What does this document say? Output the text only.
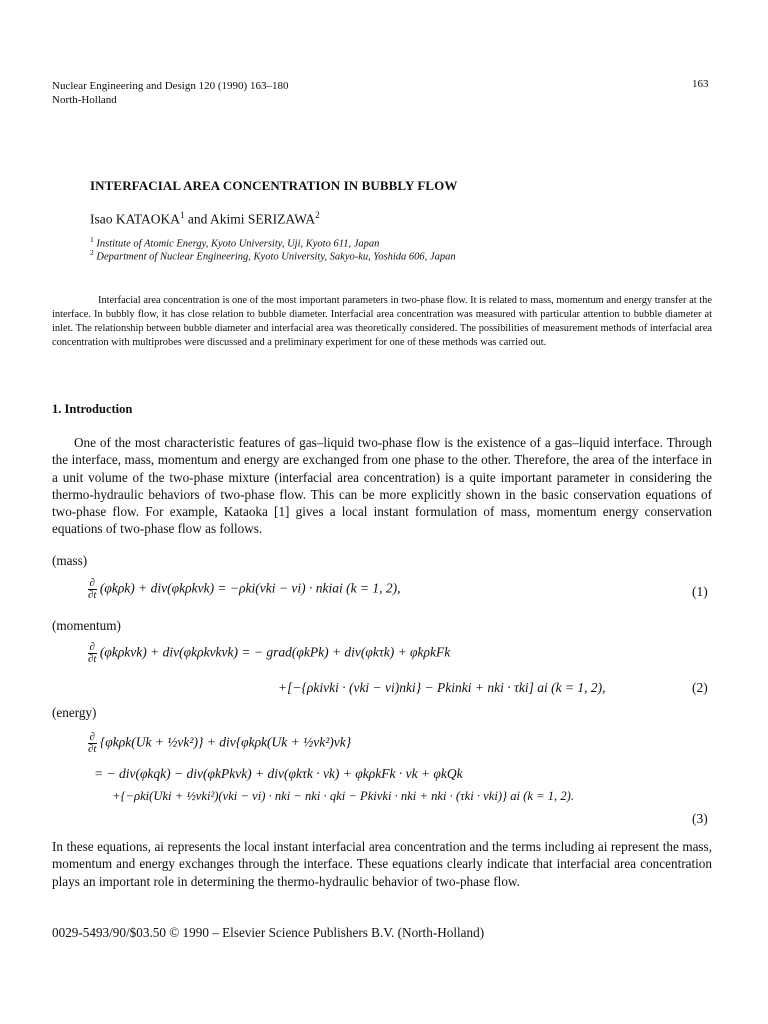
Nuclear Engineering and Design 120 (1990) 163–180
North-Holland
163
INTERFACIAL AREA CONCENTRATION IN BUBBLY FLOW
Isao KATAOKA$^1$ and Akimi SERIZAWA$^2$
$^1$ Institute of Atomic Energy, Kyoto University, Uji, Kyoto 611, Japan
$^2$ Department of Nuclear Engineering, Kyoto University, Sakyo-ku, Yoshida 606, Japan
Interfacial area concentration is one of the most important parameters in two-phase flow. It is related to mass, momentum and energy transfer at the interface. In bubbly flow, it has close relation to bubble diameter. Interfacial area concentration was measured with particular attention to bubble diameter at inlet. The relationship between bubble diameter and interfacial area was theoretically considered. The possibilities of measurement methods of interfacial area concentration with multiprobes were discussed and a preliminary experiment for one of these methods was carried out.
1. Introduction
One of the most characteristic features of gas–liquid two-phase flow is the existence of a gas–liquid interface. Through the interface, mass, momentum and energy are exchanged from one phase to the other. Therefore, the area of the interface in a unit volume of the two-phase mixture (interfacial area concentration) is a quite important parameter in considering the thermo-hydraulic behaviors of two-phase flow. This can be more explicitly shown in the basic conservation equations of two-phase flow. For example, Kataoka [1] gives a local instant formulation of mass, momentum energy conservation equations of two-phase flow as follows.
(mass)
$\frac{\partial}{\partial t} (\varphi k\rho k) + div(\varphi k\rho kvk) = -\rho ki(vki - vi)$ · nkiai (k = 1, 2),	(1)
(momentum)
$\frac{\partial}{\partial t} (\varphi k\rho kvk)$ + div(φkρkvkvk) = − grad(φkPk) + div(φkτk) + φkρkFk
+[−{ρkivki · (vki − vi)nki} − Pkinki + nki · τki] ai (k = 1, 2),	(2)
(energy)
$\frac{\partial}{\partial t} \{\varphi k\rho k(Uk$ + ½vk²)} + div{φkρk(Uk + ½vk²)vk}
= − div(φkqk) − div(φkPkvk) + div(φkτk · vk) + φkρkFk · vk + φkQk
+{−ρki(Uki + ½vki²)(vki − vi) · nki − nki · qki − Pkivki · nki + nki · (τki · vki)} ai (k = 1, 2).
(3)
In these equations, ai represents the local instant interfacial area concentration and the terms including ai represent the mass, momentum and energy exchanges through the interface. These equations clearly indicate that interfacial area concentration plays an important role in determining the thermo-hydraulic behavior of two-phase flow.
0029-5493/90/$03.50 © 1990 – Elsevier Science Publishers B.V. (North-Holland)
